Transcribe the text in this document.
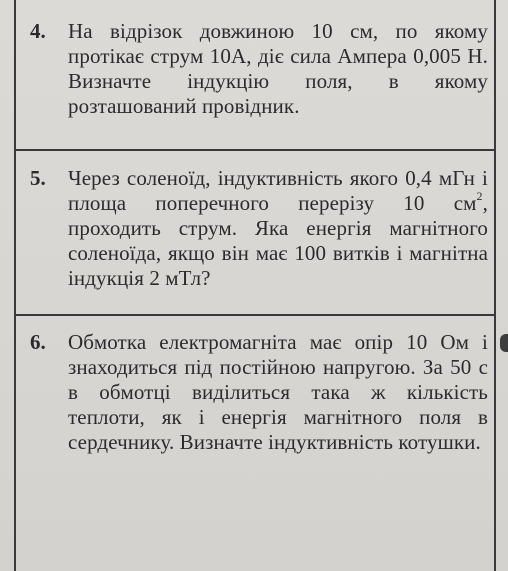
4. На відрізок довжиною 10 см, по якому протікає струм 10А, діє сила Ампера 0,005 Н. Визначте індукцію поля, в якому розташований провідник.
5. Через соленоїд, індуктивність якого 0,4 мГн і площа поперечного перерізу 10 $см^2$, проходить струм. Яка енергія магнітного соленоїда, якщо він має 100 витків і магнітна індукція 2 мТл?
6. Обмотка електромагніта має опір 10 Ом і знаходиться під постійною напругою. За 50 с в обмотці виділиться така ж кількість теплоти, як і енергія магнітного поля в сердечнику. Визначте індуктивність котушки.
